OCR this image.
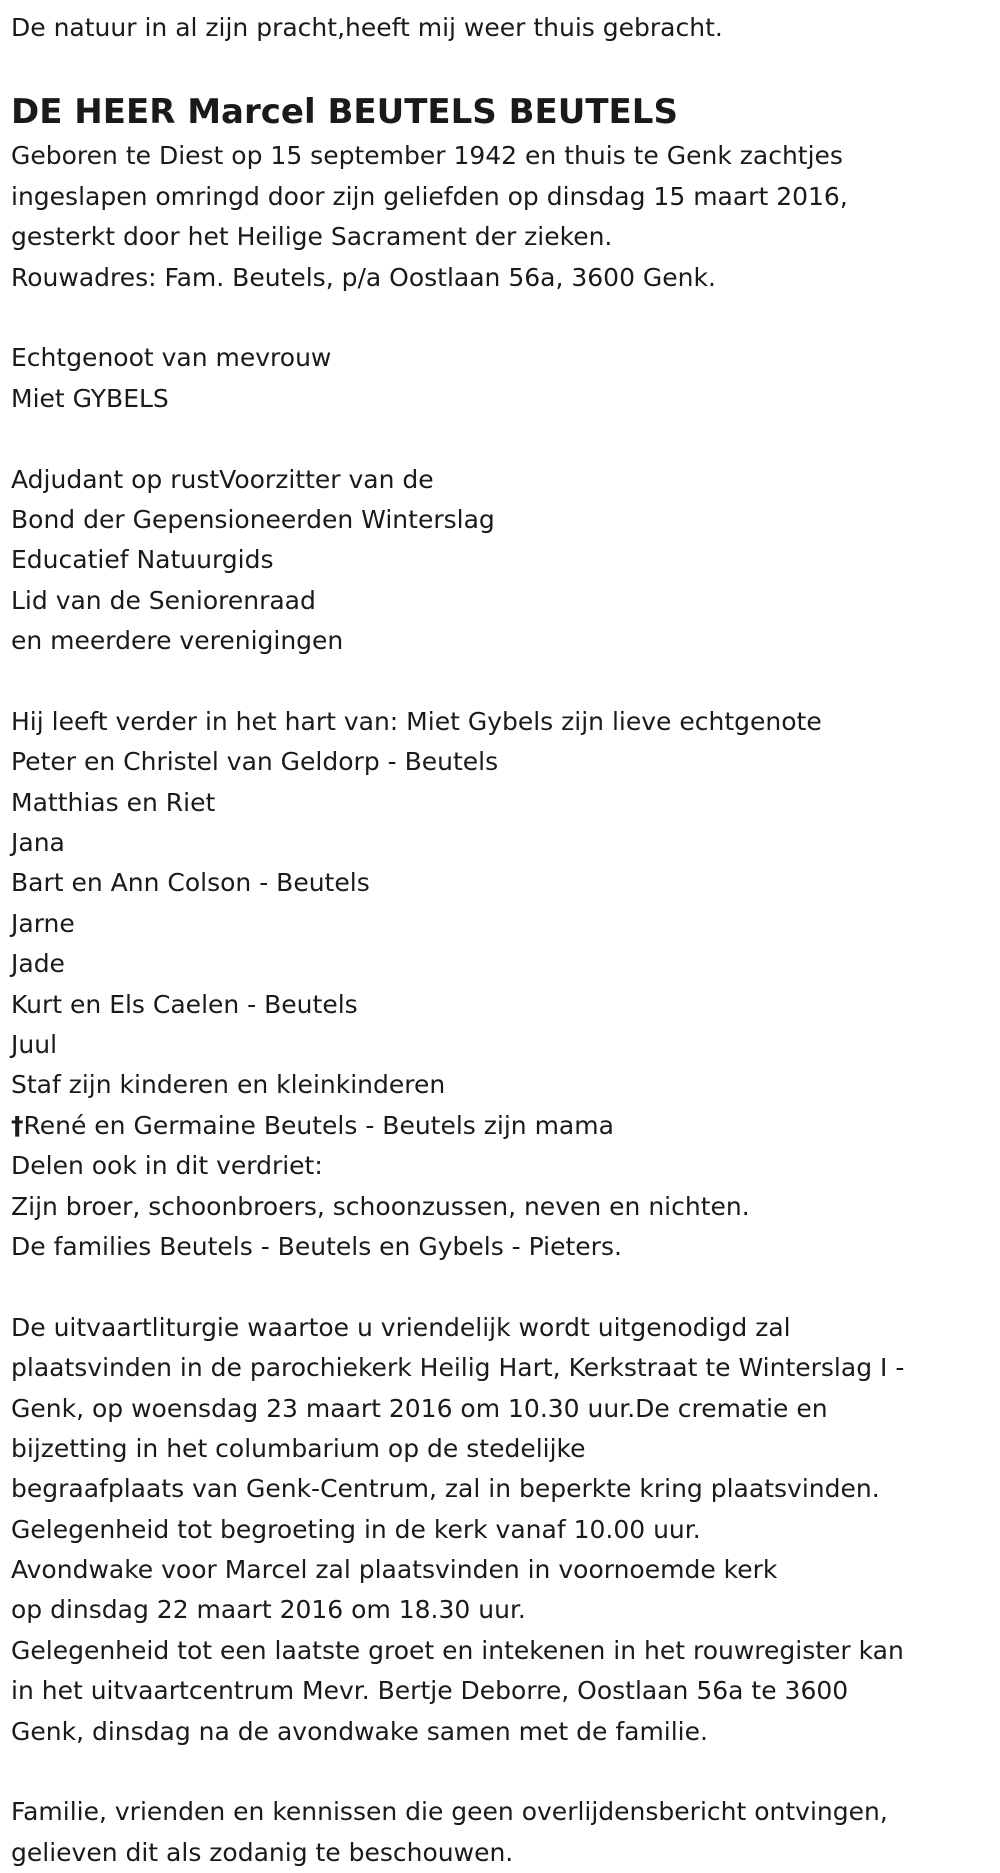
De natuur in al zijn pracht,heeft mij weer thuis gebracht.

DE HEER Marcel BEUTELS BEUTELS

Geboren te Diest op 15 september 1942 en thuis te Genk zachtjes

ingeslapen omringd door zijn geliefden op dinsdag 15 maart 2016,

gesterkt door het Heilige Sacrament der zieken.

Rouwadres: Fam. Beutels, p/a Oostlaan 56a, 3600 Genk.

Echtgenoot van mevrouw

Miet GYBELS

Adjudant op rustVoorzitter van de

Bond der Gepensioneerden Winterslag

Educatief Natuurgids

Lid van de Seniorenraad

en meerdere verenigingen

Hij leeft verder in het hart van: Miet Gybels zijn lieve echtgenote

Peter en Christel van Geldorp - Beutels

Matthias en Riet

Jana

Bart en Ann Colson - Beutels

Jarne

Jade

Kurt en Els Caelen - Beutels

Juul

Staf zijn kinderen en kleinkinderen

†René en Germaine Beutels - Beutels zijn mama

Delen ook in dit verdriet:

Zijn broer, schoonbroers, schoonzussen, neven en nichten.

De families Beutels - Beutels en Gybels - Pieters.

De uitvaartliturgie waartoe u vriendelijk wordt uitgenodigd zal

plaatsvinden in de parochiekerk Heilig Hart, Kerkstraat te Winterslag I -

Genk, op woensdag 23 maart 2016 om 10.30 uur.De crematie en

bijzetting in het columbarium op de stedelijke

begraafplaats van Genk-Centrum, zal in beperkte kring plaatsvinden.

Gelegenheid tot begroeting in de kerk vanaf 10.00 uur.

Avondwake voor Marcel zal plaatsvinden in voornoemde kerk

op dinsdag 22 maart 2016 om 18.30 uur.

Gelegenheid tot een laatste groet en intekenen in het rouwregister kan

in het uitvaartcentrum Mevr. Bertje Deborre, Oostlaan 56a te 3600

Genk, dinsdag na de avondwake samen met de familie.

Familie, vrienden en kennissen die geen overlijdensbericht ontvingen,

gelieven dit als zodanig te beschouwen.
